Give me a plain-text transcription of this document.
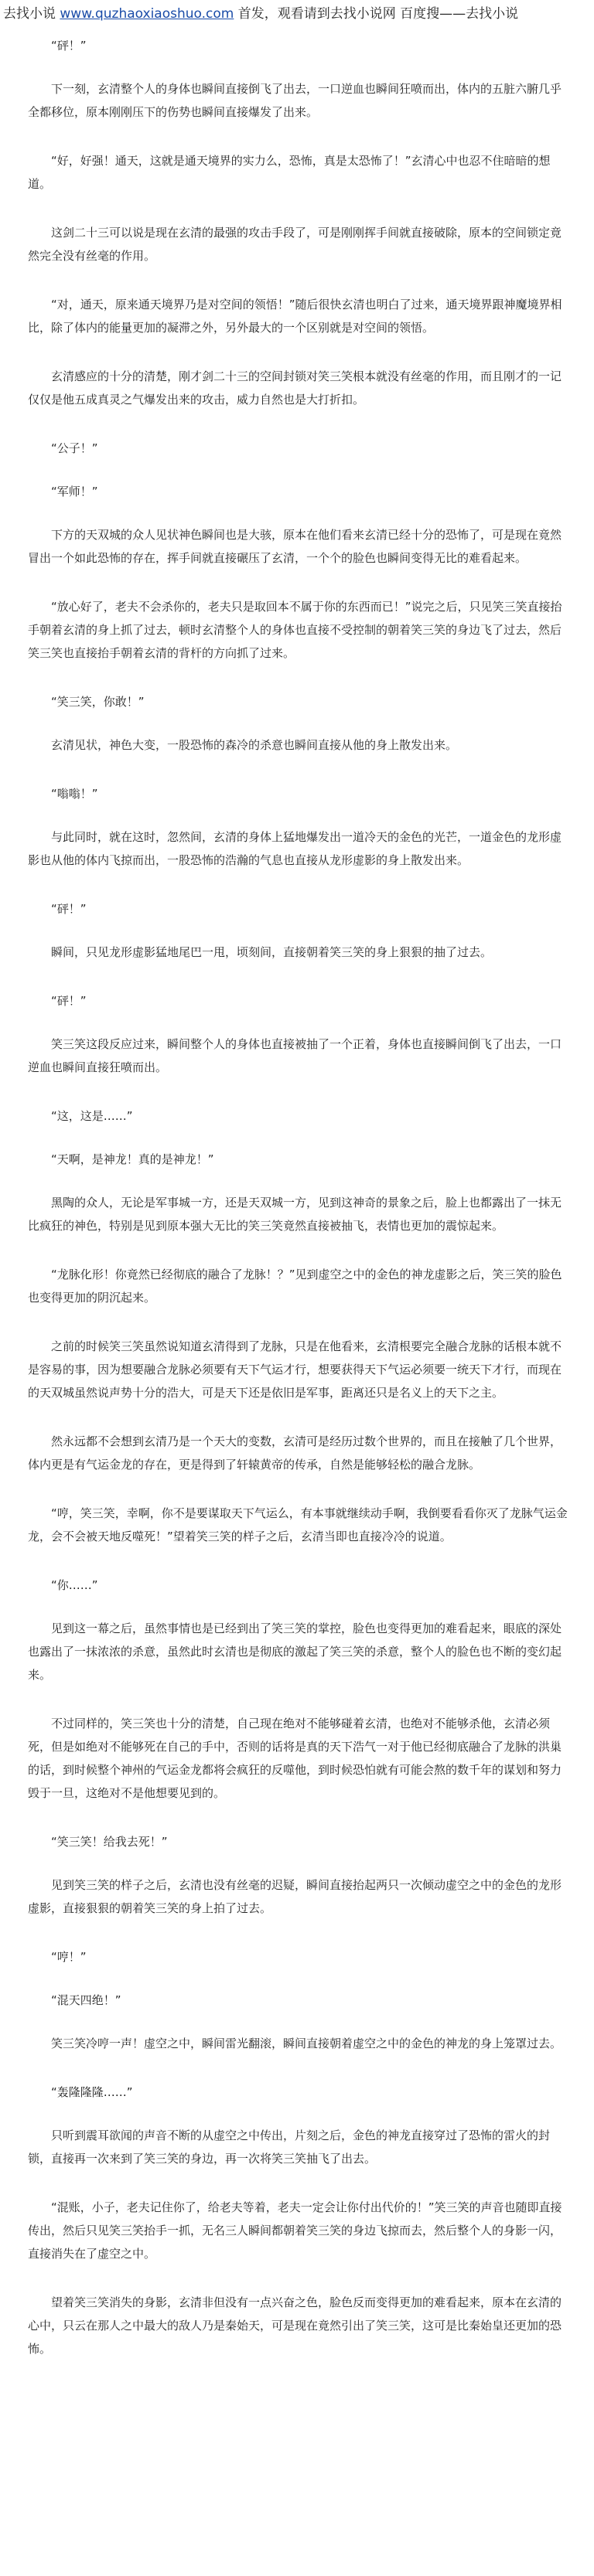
去找小说 www.quzhaoxiaoshuo.com 首发，观看请到去找小说网 百度搜——去找小说

“砰！”

下一刻，玄清整个人的身体也瞬间直接倒飞了出去，一口逆血也瞬间狂喷而出，体内的五脏六腑几乎全都移位，原本刚刚压下的伤势也瞬间直接爆发了出来。

“好，好强！通天，这就是通天境界的实力么，恐怖，真是太恐怖了！”玄清心中也忍不住暗暗的想道。

这剑二十三可以说是现在玄清的最强的攻击手段了，可是刚刚挥手间就直接破除，原本的空间锁定竟然完全没有丝毫的作用。

“对，通天，原来通天境界乃是对空间的领悟！”随后很快玄清也明白了过来，通天境界跟神魔境界相比，除了体内的能量更加的凝滞之外，另外最大的一个区别就是对空间的领悟。

玄清感应的十分的清楚，刚才剑二十三的空间封锁对笑三笑根本就没有丝毫的作用，而且刚才的一记仅仅是他五成真灵之气爆发出来的攻击，威力自然也是大打折扣。

“公子！”

“军师！”

下方的天双城的众人见状神色瞬间也是大骇，原本在他们看来玄清已经十分的恐怖了，可是现在竟然冒出一个如此恐怖的存在，挥手间就直接碾压了玄清，一个个的脸色也瞬间变得无比的难看起来。

“放心好了，老夫不会杀你的，老夫只是取回本不属于你的东西而已！”说完之后，只见笑三笑直接抬手朝着玄清的身上抓了过去，顿时玄清整个人的身体也直接不受控制的朝着笑三笑的身边飞了过去，然后笑三笑也直接抬手朝着玄清的背杆的方向抓了过来。

“笑三笑，你敢！”

玄清见状，神色大变，一股恐怖的森冷的杀意也瞬间直接从他的身上散发出来。

“嗡嗡！”

与此同时，就在这时，忽然间，玄清的身体上猛地爆发出一道冷天的金色的光芒，一道金色的龙形虚影也从他的体内飞掠而出，一股恐怖的浩瀚的气息也直接从龙形虚影的身上散发出来。

“砰！”

瞬间，只见龙形虚影猛地尾巴一甩，顷刻间，直接朝着笑三笑的身上狠狠的抽了过去。

“砰！”

笑三笑这段反应过来，瞬间整个人的身体也直接被抽了一个正着，身体也直接瞬间倒飞了出去，一口逆血也瞬间直接狂喷而出。

“这，这是……”

“天啊，是神龙！真的是神龙！”

黑陶的众人，无论是军事城一方，还是天双城一方，见到这神奇的景象之后，脸上也都露出了一抹无比疯狂的神色，特别是见到原本强大无比的笑三笑竟然直接被抽飞，表情也更加的震惊起来。

“龙脉化形！你竟然已经彻底的融合了龙脉！？”见到虚空之中的金色的神龙虚影之后，笑三笑的脸色也变得更加的阴沉起来。

之前的时候笑三笑虽然说知道玄清得到了龙脉，只是在他看来，玄清根要完全融合龙脉的话根本就不是容易的事，因为想要融合龙脉必须要有天下气运才行，想要获得天下气运必须要一统天下才行，而现在的天双城虽然说声势十分的浩大，可是天下还是依旧是军事，距离还只是名义上的天下之主。

然永远都不会想到玄清乃是一个天大的变数，玄清可是经历过数个世界的，而且在接触了几个世界，体内更是有气运金龙的存在，更是得到了轩辕黄帝的传承，自然是能够轻松的融合龙脉。

“哼，笑三笑，幸啊，你不是要谋取天下气运么，有本事就继续动手啊，我倒要看看你灭了龙脉气运金龙，会不会被天地反噬死！”望着笑三笑的样子之后，玄清当即也直接冷冷的说道。

“你……”

见到这一幕之后，虽然事情也是已经到出了笑三笑的掌控，脸色也变得更加的难看起来，眼底的深处也露出了一抹浓浓的杀意，虽然此时玄清也是彻底的激起了笑三笑的杀意，整个人的脸色也不断的变幻起来。

不过同样的，笑三笑也十分的清楚，自己现在绝对不能够碰着玄清，也绝对不能够杀他，玄清必须死，但是如绝对不能够死在自己的手中，否则的话将是真的天下浩气一对于他已经彻底融合了龙脉的洪巢的话，到时候整个神州的气运金龙都将会疯狂的反噬他，到时候恐怕就有可能会熬的数千年的谋划和努力毁于一旦，这绝对不是他想要见到的。

“笑三笑！给我去死！”

见到笑三笑的样子之后，玄清也没有丝毫的迟疑，瞬间直接抬起两只一次倾动虚空之中的金色的龙形虚影，直接狠狠的朝着笑三笑的身上拍了过去。

“哼！”

“混天四绝！”

笑三笑冷哼一声！虚空之中，瞬间雷光翻滚，瞬间直接朝着虚空之中的金色的神龙的身上笼罩过去。

“轰隆隆隆……”

只听到震耳欲闻的声音不断的从虚空之中传出，片刻之后，金色的神龙直接穿过了恐怖的雷火的封锁，直接再一次来到了笑三笑的身边，再一次将笑三笑抽飞了出去。

“混账，小子，老夫记住你了，给老夫等着，老夫一定会让你付出代价的！”笑三笑的声音也随即直接传出，然后只见笑三笑抬手一抓，无名三人瞬间都朝着笑三笑的身边飞掠而去，然后整个人的身影一闪，直接消失在了虚空之中。

望着笑三笑消失的身影，玄清非但没有一点兴奋之色，脸色反而变得更加的难看起来，原本在玄清的心中，只云在那人之中最大的敌人乃是秦始天，可是现在竟然引出了笑三笑，这可是比秦始皇还更加的恐怖。
